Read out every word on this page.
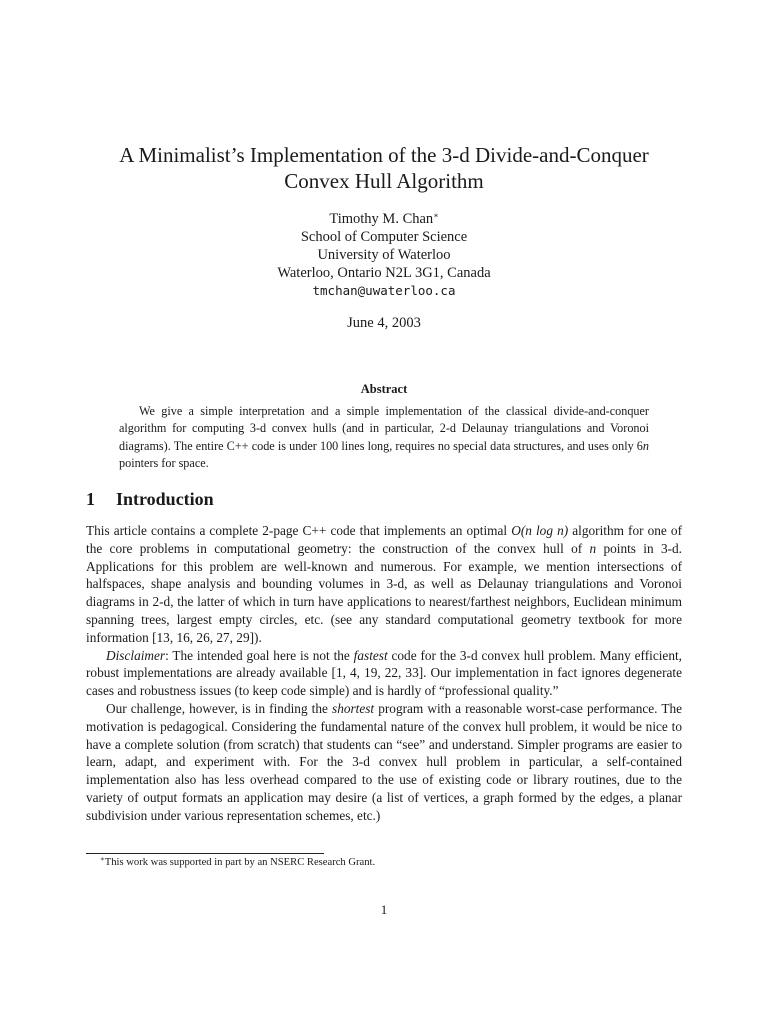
A Minimalist’s Implementation of the 3-d Divide-and-Conquer
Convex Hull Algorithm
Timothy M. Chan∗
School of Computer Science
University of Waterloo
Waterloo, Ontario N2L 3G1, Canada
tmchan@uwaterloo.ca
June 4, 2003
Abstract
We give a simple interpretation and a simple implementation of the classical divide-and-conquer algorithm for computing 3-d convex hulls (and in particular, 2-d Delaunay triangulations and Voronoi diagrams). The entire C++ code is under 100 lines long, requires no special data structures, and uses only 6n pointers for space.
1 Introduction

This article contains a complete 2-page C++ code that implements an optimal O(n log n) algorithm for one of the core problems in computational geometry: the construction of the convex hull of n points in 3-d. Applications for this problem are well-known and numerous. For example, we mention intersections of halfspaces, shape analysis and bounding volumes in 3-d, as well as Delaunay triangulations and Voronoi diagrams in 2-d, the latter of which in turn have applications to nearest/farthest neighbors, Euclidean minimum spanning trees, largest empty circles, etc. (see any standard computational geometry textbook for more information [13, 16, 26, 27, 29]).

Disclaimer: The intended goal here is not the fastest code for the 3-d convex hull problem. Many efficient, robust implementations are already available [1, 4, 19, 22, 33]. Our implementation in fact ignores degenerate cases and robustness issues (to keep code simple) and is hardly of “professional quality.”

Our challenge, however, is in finding the shortest program with a reasonable worst-case performance. The motivation is pedagogical. Considering the fundamental nature of the convex hull problem, it would be nice to have a complete solution (from scratch) that students can “see” and understand. Simpler programs are easier to learn, adapt, and experiment with. For the 3-d convex hull problem in particular, a self-contained implementation also has less overhead compared to the use of existing code or library routines, due to the variety of output formats an application may desire (a list of vertices, a graph formed by the edges, a planar subdivision under various representation schemes, etc.)

∗This work was supported in part by an NSERC Research Grant.
1
